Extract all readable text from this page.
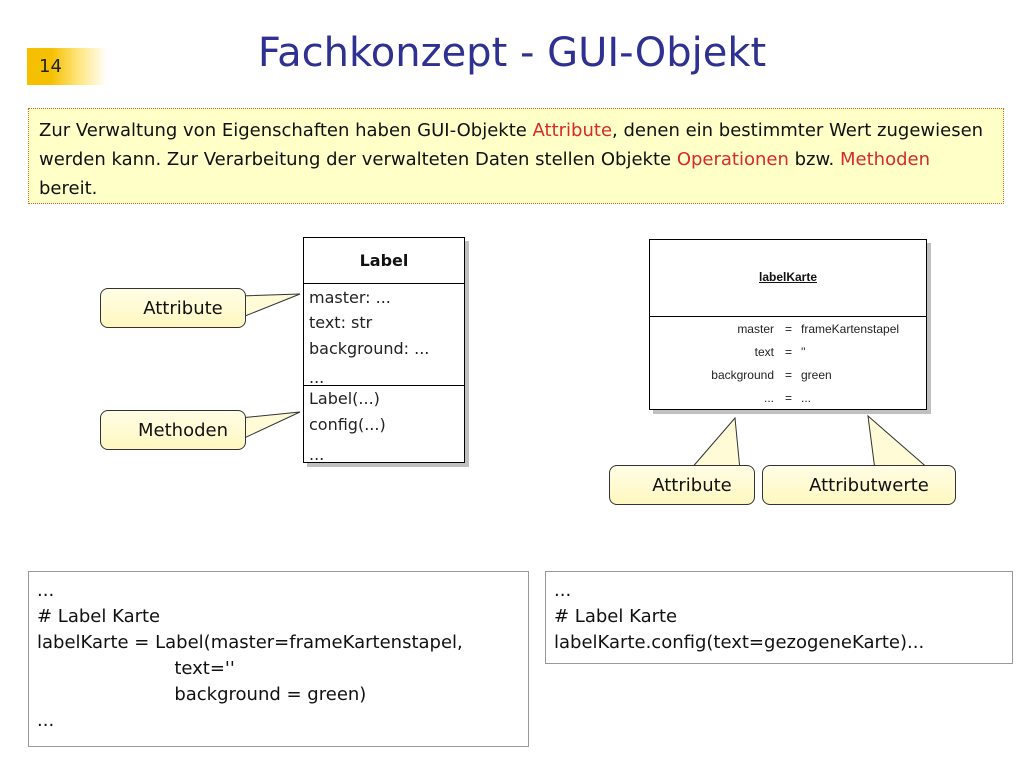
14	Fachkonzept - GUI-Objekt
Zur Verwaltung von Eigenschaften haben GUI-Objekte Attribute, denen ein bestimmter Wert zugewiesen werden kann. Zur Verarbeitung der verwalteten Daten stellen Objekte Operationen bzw. Methoden bereit.
Label
master: ...
text: str
background: ...
...
Label(...)
config(...)
...
labelKarte
master = frameKartenstapel
text = ''
background = green
... = ...
Attribute
Methoden
Attribute	Attributwerte
...
# Label Karte
labelKarte = Label(master=frameKartenstapel,
text=''
background = green)
...
...
# Label Karte
labelKarte.config(text=gezogeneKarte)...
